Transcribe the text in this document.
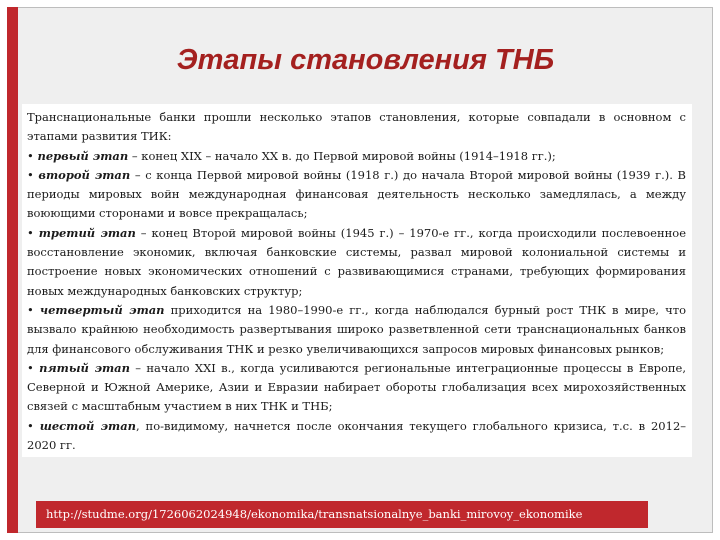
Этапы становления ТНБ

Транснациональные банки прошли несколько этапов становления, которые совпадали в основном с этапами развития ТИК:

• первый этап – конец XIX – начало XX в. до Первой мировой войны (1914–1918 гг.);

• второй этап – с конца Первой мировой войны (1918 г.) до начала Второй мировой войны (1939 г.). В периоды мировых войн международная финансовая деятельность несколько замедлялась, а между воюющими сторонами и вовсе прекращалась;

• третий этап – конец Второй мировой войны (1945 г.) – 1970-е гг., когда происходили послевоенное восстановление экономик, включая банковские системы, развал мировой колониальной системы и построение новых экономических отношений с развивающимися странами, требующих формирования новых международных банковских структур;

• четвертый этап приходится на 1980–1990-е гг., когда наблюдался бурный рост ТНК в мире, что вызвало крайнюю необходимость развертывания широко разветвленной сети транснациональных банков для финансового обслуживания ТНК и резко увеличивающихся запросов мировых финансовых рынков;

• пятый этап – начало XXI в., когда усиливаются региональные интеграционные процессы в Европе, Северной и Южной Америке, Азии и Евразии набирает обороты глобализация всех мирохозяйственных связей с масштабным участием в них ТНК и ТНБ;

• шестой этап, по-видимому, начнется после окончания текущего глобального кризиса, т.с. в 2012–2020 гг.

http://studme.org/1726062024948/ekonomika/transnatsionalnye_banki_mirovoy_ekonomike
